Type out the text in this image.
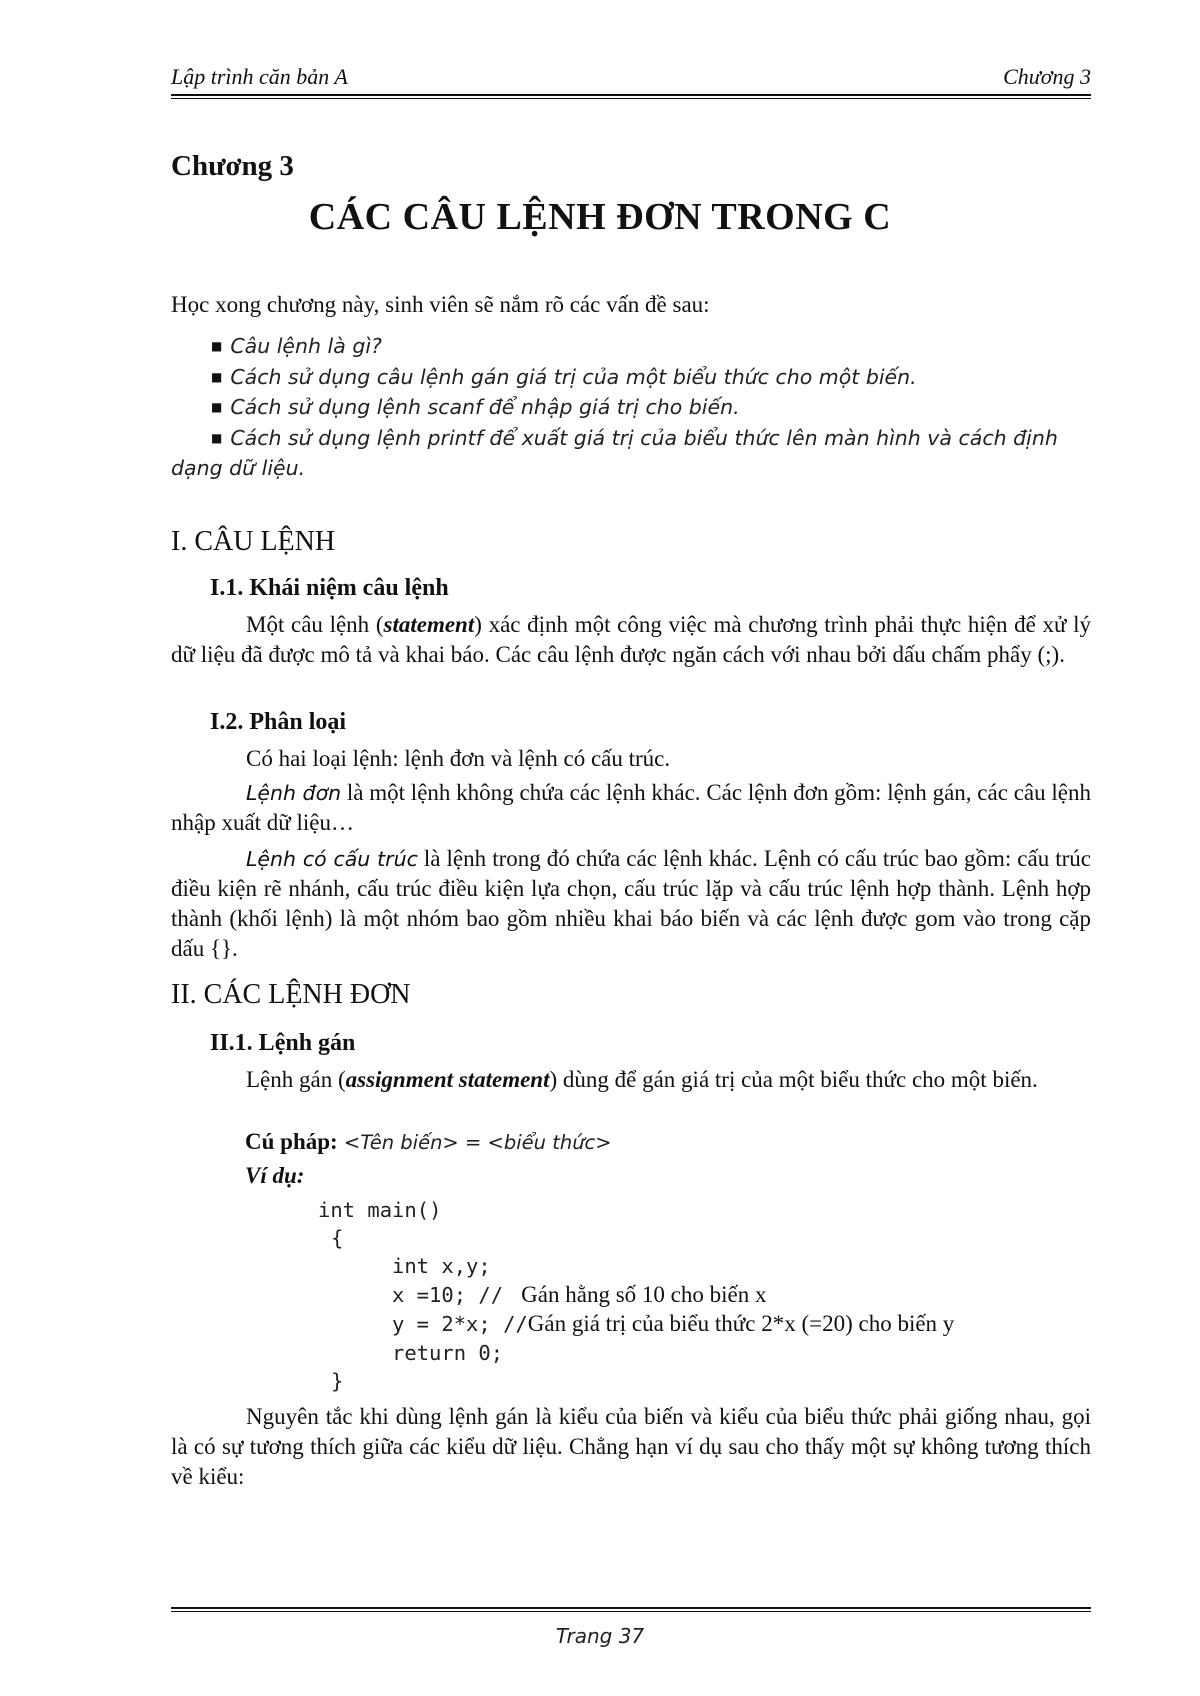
Lập trình căn bản A	Chương 3
Chương 3
CÁC CÂU LỆNH ĐƠN TRONG C
Học xong chương này, sinh viên sẽ nắm rõ các vấn đề sau:
■ Câu lệnh là gì?
■ Cách sử dụng câu lệnh gán giá trị của một biểu thức cho một biến.
■ Cách sử dụng lệnh scanf để nhập giá trị cho biến.
■ Cách sử dụng lệnh printf để xuất giá trị của biểu thức lên màn hình và cách định dạng dữ liệu.
I. CÂU LỆNH
I.1. Khái niệm câu lệnh
Một câu lệnh (statement) xác định một công việc mà chương trình phải thực hiện để xử lý dữ liệu đã được mô tả và khai báo. Các câu lệnh được ngăn cách với nhau bởi dấu chấm phẩy (;).
I.2. Phân loại
Có hai loại lệnh: lệnh đơn và lệnh có cấu trúc.
Lệnh đơn là một lệnh không chứa các lệnh khác. Các lệnh đơn gồm: lệnh gán, các câu lệnh nhập xuất dữ liệu…
Lệnh có cấu trúc là lệnh trong đó chứa các lệnh khác. Lệnh có cấu trúc bao gồm: cấu trúc điều kiện rẽ nhánh, cấu trúc điều kiện lựa chọn, cấu trúc lặp và cấu trúc lệnh hợp thành. Lệnh hợp thành (khối lệnh) là một nhóm bao gồm nhiều khai báo biến và các lệnh được gom vào trong cặp dấu {}.
II. CÁC LỆNH ĐƠN
II.1. Lệnh gán
Lệnh gán (assignment statement) dùng để gán giá trị của một biểu thức cho một biến.
Cú pháp: <Tên biến> = <biểu thức>
Ví dụ:
int main()
{
int x,y;
x =10; //  Gán hằng số 10 cho biến x
y = 2*x; //Gán giá trị của biểu thức 2*x (=20) cho biến y
return 0;
}
Nguyên tắc khi dùng lệnh gán là kiểu của biến và kiểu của biểu thức phải giống nhau, gọi là có sự tương thích giữa các kiểu dữ liệu. Chẳng hạn ví dụ sau cho thấy một sự không tương thích về kiểu:
Trang 37
